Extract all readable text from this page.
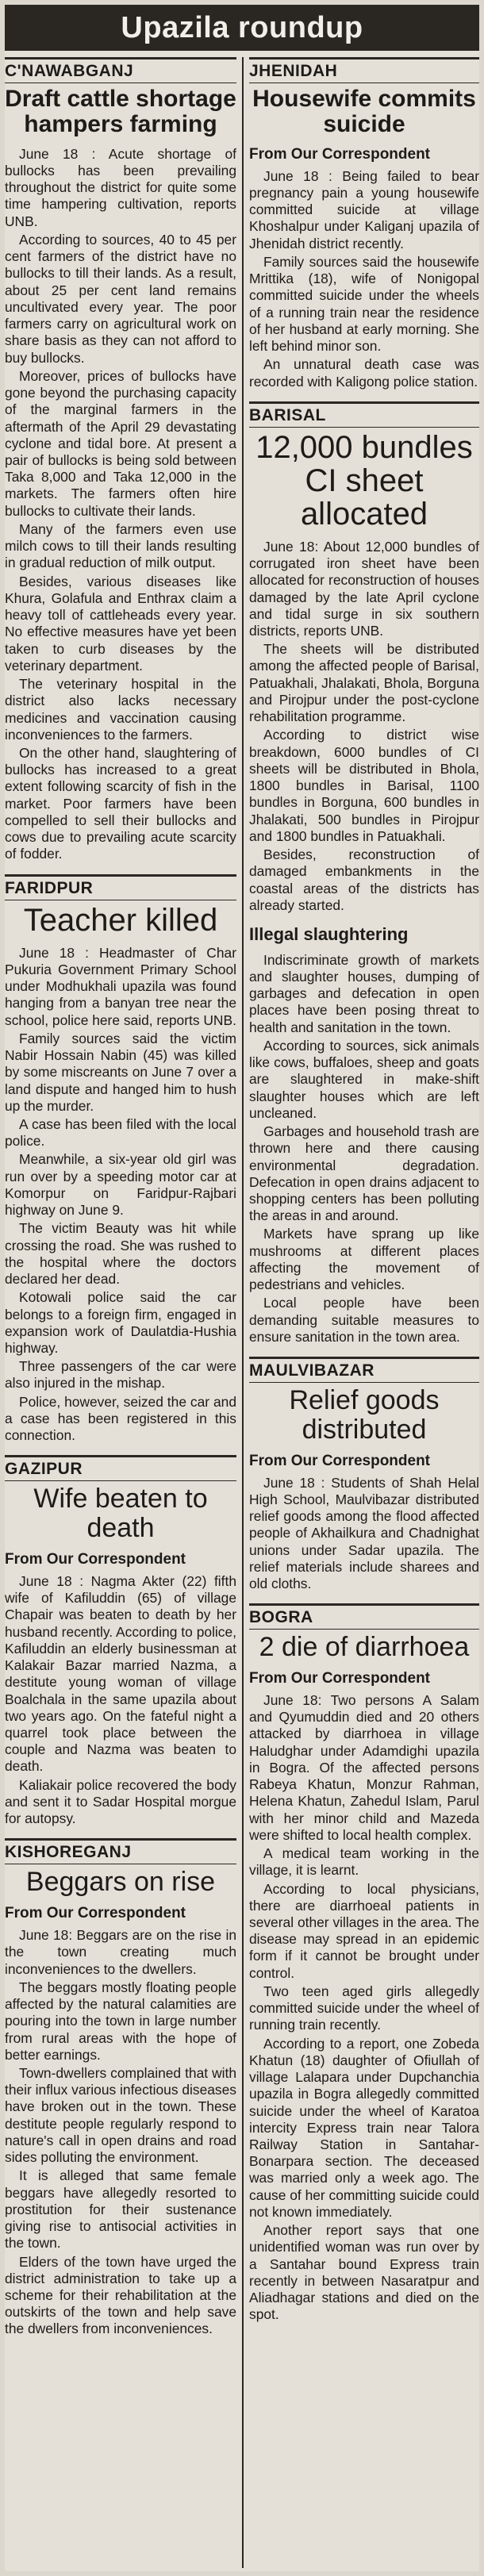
Upazila roundup
C'NAWABGANJ
Draft cattle shortage hampers farming

June 18 : Acute shortage of bullocks has been prevailing throughout the district for quite some time hampering cultivation, reports UNB.

According to sources, 40 to 45 per cent farmers of the district have no bullocks to till their lands. As a result, about 25 per cent land remains uncultivated every year. The poor farmers carry on agricultural work on share basis as they can not afford to buy bullocks.

Moreover, prices of bullocks have gone beyond the purchasing capacity of the marginal farmers in the aftermath of the April 29 devastating cyclone and tidal bore. At present a pair of bullocks is being sold between Taka 8,000 and Taka 12,000 in the markets. The farmers often hire bullocks to cultivate their lands.

Many of the farmers even use milch cows to till their lands resulting in gradual reduction of milk output.

Besides, various diseases like Khura, Golafula and Enthrax claim a heavy toll of cattleheads every year. No effective measures have yet been taken to curb diseases by the veterinary department.

The veterinary hospital in the district also lacks necessary medicines and vaccination causing inconveniences to the farmers.

On the other hand, slaughtering of bullocks has increased to a great extent following scarcity of fish in the market. Poor farmers have been compelled to sell their bullocks and cows due to prevailing acute scarcity of fodder.

FARIDPUR
Teacher killed

June 18 : Headmaster of Char Pukuria Government Primary School under Modhukhali upazila was found hanging from a banyan tree near the school, police here said, reports UNB.

Family sources said the victim Nabir Hossain Nabin (45) was killed by some miscreants on June 7 over a land dispute and hanged him to hush up the murder.

A case has been filed with the local police.

Meanwhile, a six-year old girl was run over by a speeding motor car at Komorpur on Faridpur-Rajbari highway on June 9.

The victim Beauty was hit while crossing the road. She was rushed to the hospital where the doctors declared her dead.

Kotowali police said the car belongs to a foreign firm, engaged in expansion work of Daulatdia-Hushia highway.

Three passengers of the car were also injured in the mishap.

Police, however, seized the car and a case has been registered in this connection.

GAZIPUR
Wife beaten to death
From Our Correspondent

June 18 : Nagma Akter (22) fifth wife of Kafiluddin (65) of village Chapair was beaten to death by her husband recently. According to police, Kafiluddin an elderly businessman at Kalakair Bazar married Nazma, a destitute young woman of village Boalchala in the same upazila about two years ago. On the fateful night a quarrel took place between the couple and Nazma was beaten to death.

Kaliakair police recovered the body and sent it to Sadar Hospital morgue for autopsy.

KISHOREGANJ
Beggars on rise
From Our Correspondent

June 18: Beggars are on the rise in the town creating much inconveniences to the dwellers.

The beggars mostly floating people affected by the natural calamities are pouring into the town in large number from rural areas with the hope of better earnings.

Town-dwellers complained that with their influx various infectious diseases have broken out in the town. These destitute people regularly respond to nature's call in open drains and road sides polluting the environment.

It is alleged that same female beggars have allegedly resorted to prostitution for their sustenance giving rise to antisocial activities in the town.

Elders of the town have urged the district administration to take up a scheme for their rehabilitation at the outskirts of the town and help save the dwellers from inconveniences.

JHENIDAH
Housewife commits suicide
From Our Correspondent

June 18 : Being failed to bear pregnancy pain a young housewife committed suicide at village Khoshalpur under Kaliganj upazila of Jhenidah district recently.

Family sources said the housewife Mrittika (18), wife of Nonigopal committed suicide under the wheels of a running train near the residence of her husband at early morning. She left behind minor son.

An unnatural death case was recorded with Kaligong police station.

BARISAL
12,000 bundles CI sheet allocated

June 18: About 12,000 bundles of corrugated iron sheet have been allocated for reconstruction of houses damaged by the late April cyclone and tidal surge in six southern districts, reports UNB.

The sheets will be distributed among the affected people of Barisal, Patuakhali, Jhalakati, Bhola, Borguna and Pirojpur under the post-cyclone rehabilitation programme.

According to district wise breakdown, 6000 bundles of CI sheets will be distributed in Bhola, 1800 bundles in Barisal, 1100 bundles in Borguna, 600 bundles in Jhalakati, 500 bundles in Pirojpur and 1800 bundles in Patuakhali.

Besides, reconstruction of damaged embankments in the coastal areas of the districts has already started.

Illegal slaughtering

Indiscriminate growth of markets and slaughter houses, dumping of garbages and defecation in open places have been posing threat to health and sanitation in the town.

According to sources, sick animals like cows, buffaloes, sheep and goats are slaughtered in make-shift slaughter houses which are left uncleaned.

Garbages and household trash are thrown here and there causing environmental degradation. Defecation in open drains adjacent to shopping centers has been polluting the areas in and around.

Markets have sprang up like mushrooms at different places affecting the movement of pedestrians and vehicles.

Local people have been demanding suitable measures to ensure sanitation in the town area.

MAULVIBAZAR
Relief goods distributed
From Our Correspondent

June 18 : Students of Shah Helal High School, Maulvibazar distributed relief goods among the flood affected people of Akhailkura and Chadnighat unions under Sadar upazila. The relief materials include sharees and old cloths.

BOGRA
2 die of diarrhoea
From Our Correspondent

June 18: Two persons A Salam and Qyumuddin died and 20 others attacked by diarrhoea in village Haludghar under Adamdighi upazila in Bogra. Of the affected persons Rabeya Khatun, Monzur Rahman, Helena Khatun, Zahedul Islam, Parul with her minor child and Mazeda were shifted to local health complex.

A medical team working in the village, it is learnt.

According to local physicians, there are diarrhoeal patients in several other villages in the area. The disease may spread in an epidemic form if it cannot be brought under control.

Two teen aged girls allegedly committed suicide under the wheel of running train recently.

According to a report, one Zobeda Khatun (18) daughter of Ofiullah of village Lalapara under Dupchanchia upazila in Bogra allegedly committed suicide under the wheel of Karatoa intercity Express train near Talora Railway Station in Santahar-Bonarpara section. The deceased was married only a week ago. The cause of her committing suicide could not known immediately.

Another report says that one unidentified woman was run over by a Santahar bound Express train recently in between Nasaratpur and Aliadhagar stations and died on the spot.
